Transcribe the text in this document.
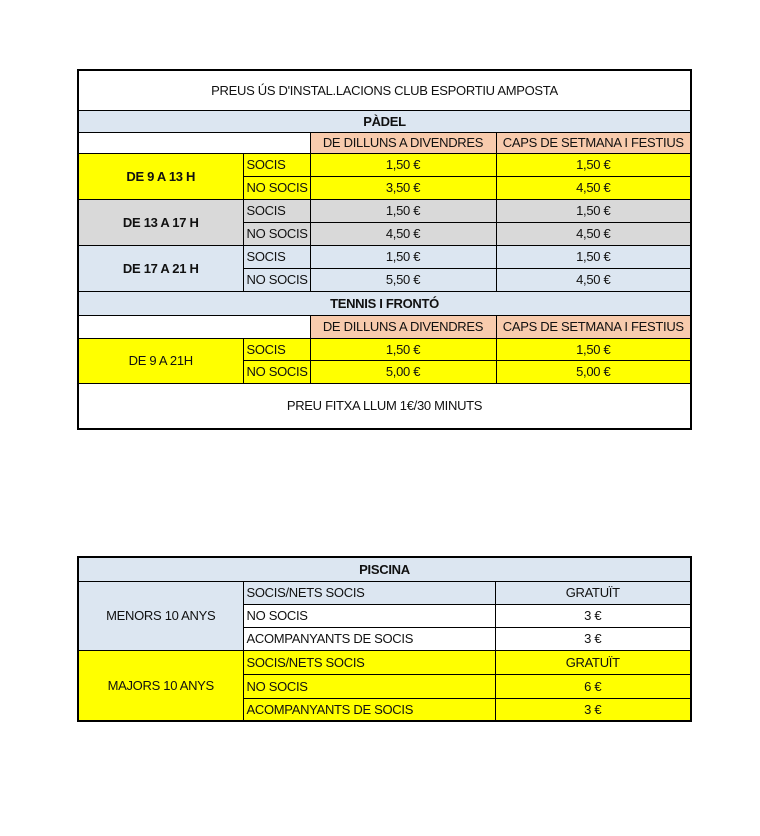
PREUS ÚS D'INSTAL.LACIONS CLUB ESPORTIU AMPOSTA			
PÀDEL			
		DE DILLUNS A DIVENDRES	CAPS DE SETMANA I FESTIUS
DE 9 A 13 H	SOCIS	1,50 €	1,50 €
	NO SOCIS	3,50 €	4,50 €
DE 13 A 17 H	SOCIS	1,50 €	1,50 €
	NO SOCIS	4,50 €	4,50 €
DE 17 A 21 H	SOCIS	1,50 €	1,50 €
	NO SOCIS	5,50 €	4,50 €
TENNIS I FRONTÓ			
		DE DILLUNS A DIVENDRES	CAPS DE SETMANA I FESTIUS
DE 9 A 21H	SOCIS	1,50 €	1,50 €
	NO SOCIS	5,00 €	5,00 €
PREU FITXA LLUM 1€/30 MINUTS			
PISCINA		
MENORS 10 ANYS	SOCIS/NETS SOCIS	GRATUÏT
	NO SOCIS	3 €
	ACOMPANYANTS DE SOCIS	3 €
MAJORS 10 ANYS	SOCIS/NETS SOCIS	GRATUÏT
	NO SOCIS	6 €
	ACOMPANYANTS DE SOCIS	3 €
